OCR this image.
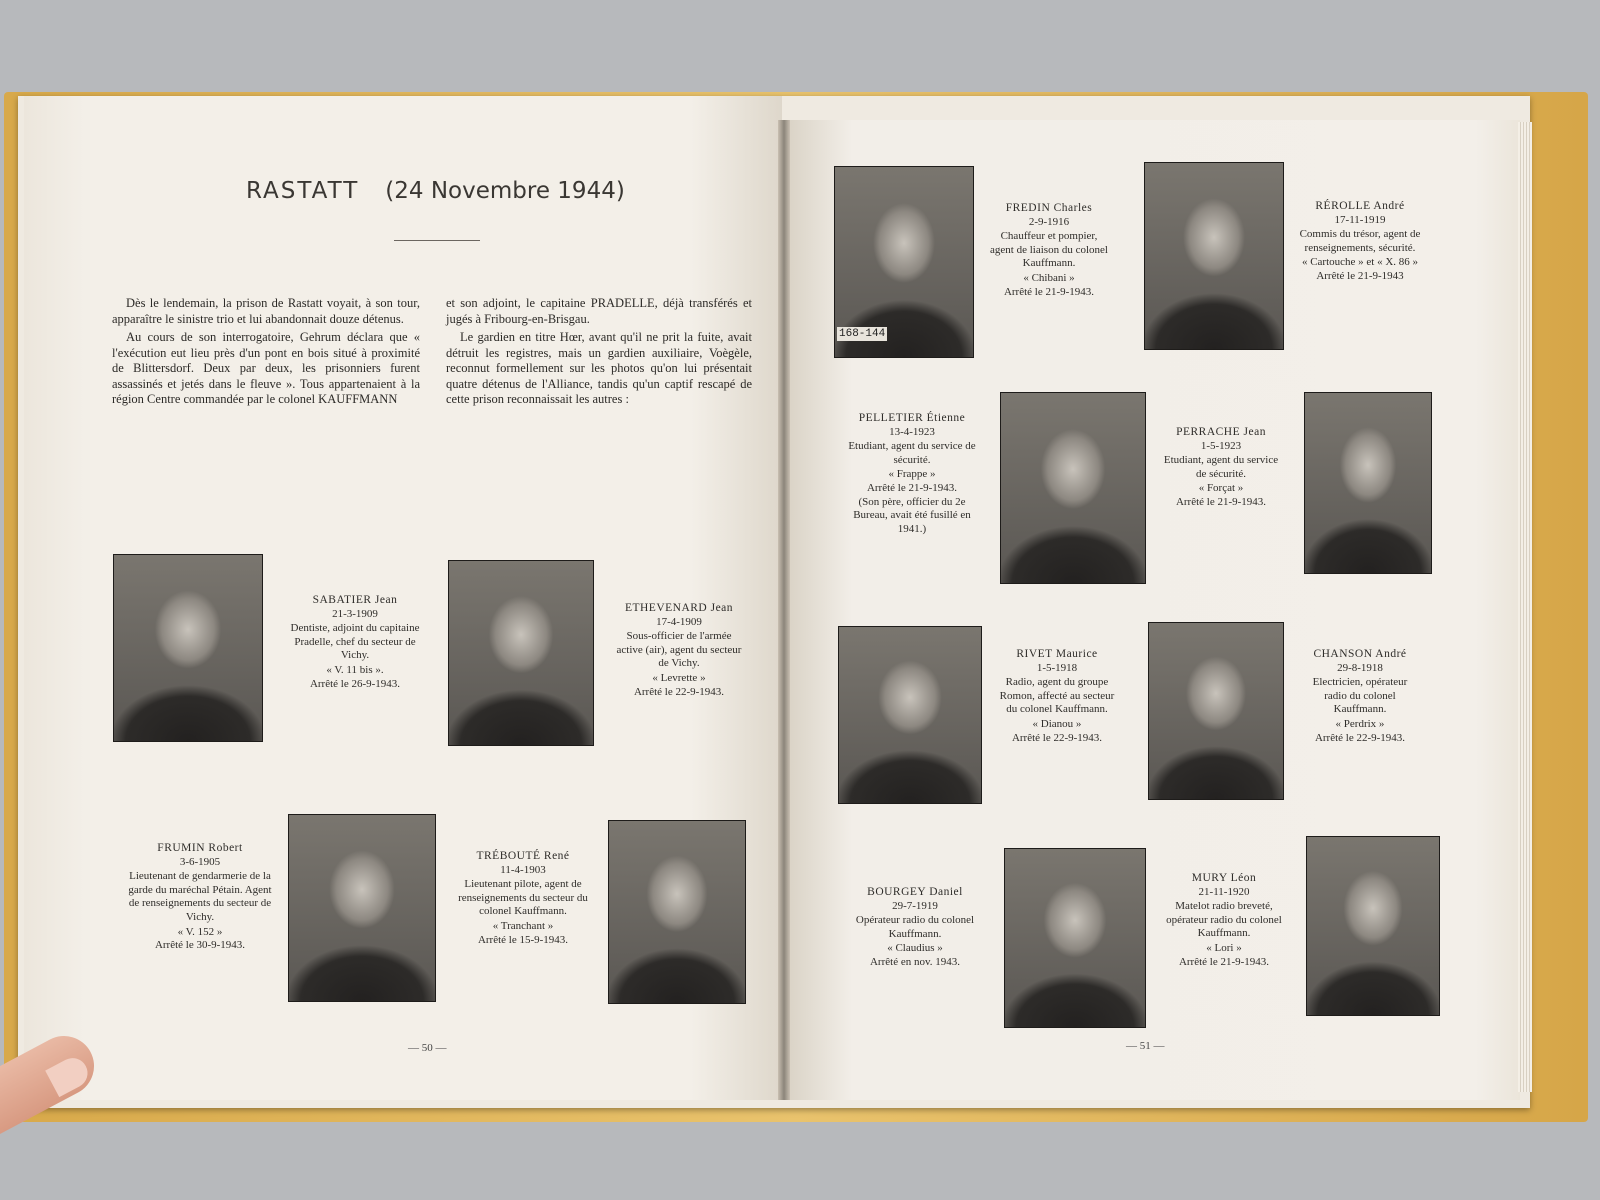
RASTATT (24 Novembre 1944)

Dès le lendemain, la prison de Rastatt voyait, à son tour, apparaître le sinistre trio et lui abandonnait douze détenus.

Au cours de son interrogatoire, Gehrum déclara que « l'exécution eut lieu près d'un pont en bois situé à proximité de Blittersdorf. Deux par deux, les prisonniers furent assassinés et jetés dans le fleuve ». Tous appartenaient à la région Centre commandée par le colonel KAUFFMANN

et son adjoint, le capitaine PRADELLE, déjà transférés et jugés à Fribourg-en-Brisgau.

Le gardien en titre Hœr, avant qu'il ne prit la fuite, avait détruit les registres, mais un gardien auxiliaire, Voègèle, reconnut formellement sur les photos qu'on lui présentait quatre détenus de l'Alliance, tandis qu'un captif rescapé de cette prison reconnaissait les autres :

SABATIER Jean
21-3-1909
Dentiste, adjoint du capitaine Pradelle, chef du secteur de Vichy.
« V. 11 bis ».
Arrêté le 26-9-1943.
ETHEVENARD Jean
17-4-1909
Sous-officier de l'armée active (air), agent du secteur de Vichy.
« Levrette »
Arrêté le 22-9-1943.
FRUMIN Robert
3-6-1905
Lieutenant de gendarmerie de la garde du maréchal Pétain. Agent de renseignements du secteur de Vichy.
« V. 152 »
Arrêté le 30-9-1943.
TRÉBOUTÉ René
11-4-1903
Lieutenant pilote, agent de renseignements du secteur du colonel Kauffmann.
« Tranchant »
Arrêté le 15-9-1943.
— 50 —
168-144
FREDIN Charles
2-9-1916
Chauffeur et pompier, agent de liaison du colonel Kauffmann.
« Chibani »
Arrêté le 21-9-1943.
RÉROLLE André
17-11-1919
Commis du trésor, agent de renseignements, sécurité.
« Cartouche » et « X. 86 »
Arrêté le 21-9-1943
PELLETIER Étienne
13-4-1923
Etudiant, agent du service de sécurité.
« Frappe »
Arrêté le 21-9-1943.
(Son père, officier du 2e Bureau, avait été fusillé en 1941.)
PERRACHE Jean
1-5-1923
Etudiant, agent du service de sécurité.
« Forçat »
Arrêté le 21-9-1943.
RIVET Maurice
1-5-1918
Radio, agent du groupe Romon, affecté au secteur du colonel Kauffmann.
« Dianou »
Arrêté le 22-9-1943.
CHANSON André
29-8-1918
Electricien, opérateur radio du colonel Kauffmann.
« Perdrix »
Arrêté le 22-9-1943.
BOURGEY Daniel
29-7-1919
Opérateur radio du colonel Kauffmann.
« Claudius »
Arrêté en nov. 1943.
MURY Léon
21-11-1920
Matelot radio breveté, opérateur radio du colonel Kauffmann.
« Lori »
Arrêté le 21-9-1943.
— 51 —
